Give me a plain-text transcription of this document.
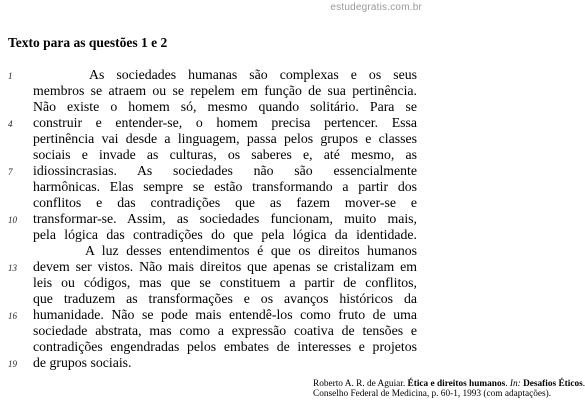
estudegratis.com.br
Texto para as questões 1 e 2
1	As sociedades humanas são complexas e os seus
membros se atraem ou se repelem em função de sua pertinência.
Não existe o homem só, mesmo quando solitário. Para se
4 construir e entender-se, o homem precisa pertencer. Essa
pertinência vai desde a linguagem, passa pelos grupos e classes
sociais e invade as culturas, os saberes e, até mesmo, as
7 idiossincrasias. As sociedades não são essencialmente
harmônicas. Elas sempre se estão transformando a partir dos
conflitos e das contradições que as fazem mover-se e
10 transformar-se. Assim, as sociedades funcionam, muito mais,
pela lógica das contradições do que pela lógica da identidade.
A luz desses entendimentos é que os direitos humanos
13 devem ser vistos. Não mais direitos que apenas se cristalizam em
leis ou códigos, mas que se constituem a partir de conflitos,
que traduzem as transformações e os avanços históricos da
16 humanidade. Não se pode mais entendê-los como fruto de uma
sociedade abstrata, mas como a expressão coativa de tensões e
contradições engendradas pelos embates de interesses e projetos
19 de grupos sociais.
Roberto A. R. de Aguiar. Ética e direitos humanos. In: Desafios Éticos.
Conselho Federal de Medicina, p. 60-1, 1993 (com adaptações).
